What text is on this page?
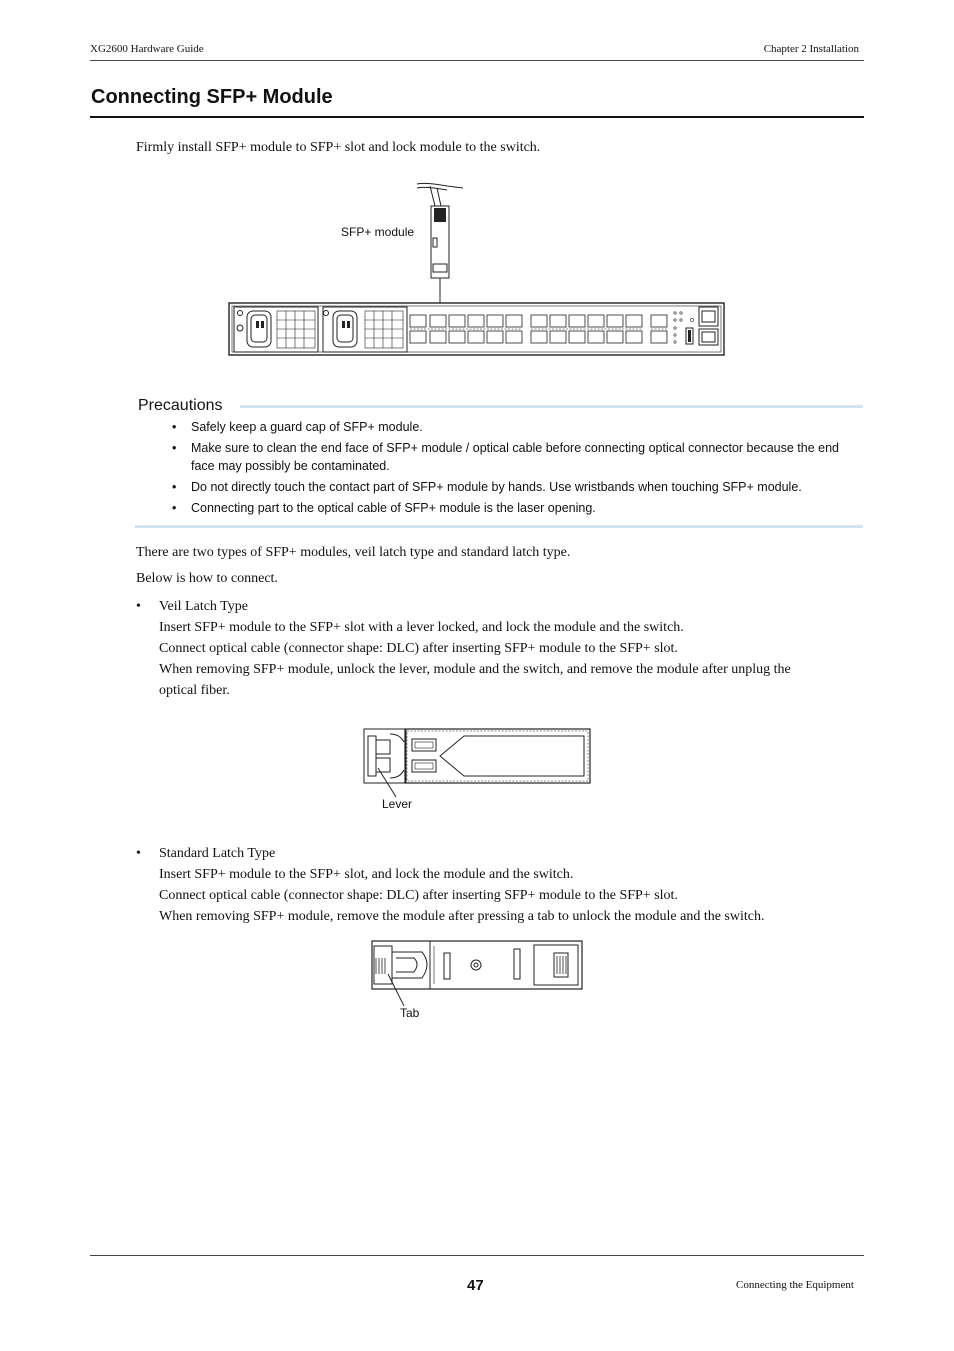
XG2600 Hardware Guide	Chapter 2 Installation
Connecting SFP+ Module
Firmly install SFP+ module to SFP+ slot and lock module to the switch.
SFP+ module
Precautions
• Safely keep a guard cap of SFP+ module.
• Make sure to clean the end face of SFP+ module / optical cable before connecting optical connector because the end face may possibly be contaminated.
• Do not directly touch the contact part of SFP+ module by hands. Use wristbands when touching SFP+ module.
• Connecting part to the optical cable of SFP+ module is the laser opening.
There are two types of SFP+ modules, veil latch type and standard latch type.
Below is how to connect.
• Veil Latch Type
Insert SFP+ module to the SFP+ slot with a lever locked, and lock the module and the switch.
Connect optical cable (connector shape: DLC) after inserting SFP+ module to the SFP+ slot.
When removing SFP+ module, unlock the lever, module and the switch, and remove the module after unplug the
optical fiber.
Lever
• Standard Latch Type
Insert SFP+ module to the SFP+ slot, and lock the module and the switch.
Connect optical cable (connector shape: DLC) after inserting SFP+ module to the SFP+ slot.
When removing SFP+ module, remove the module after pressing a tab to unlock the module and the switch.
Tab
47	Connecting the Equipment
